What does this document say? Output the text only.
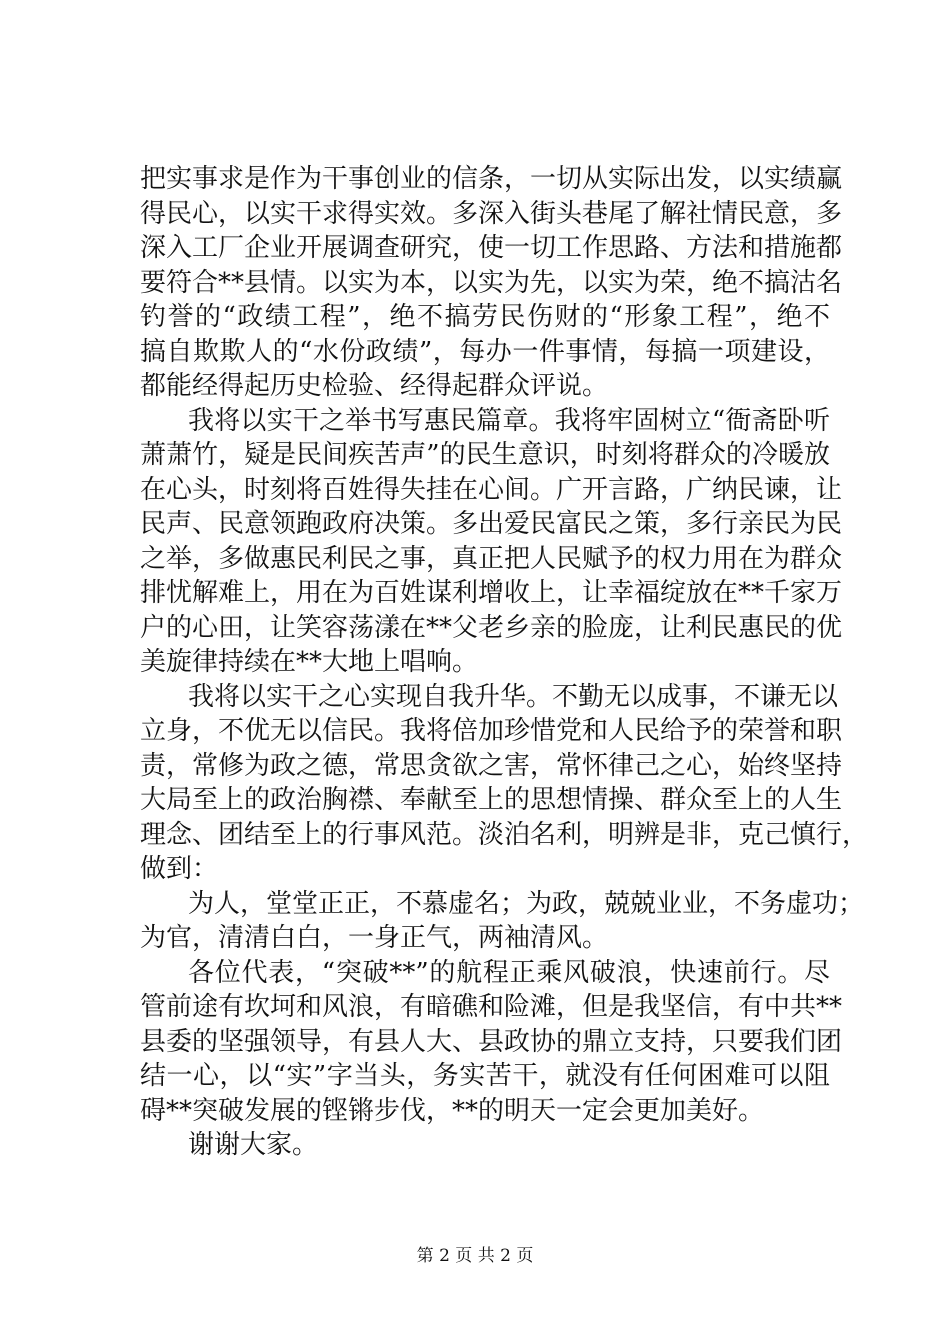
把实事求是作为干事创业的信条，一切从实际出发，以实绩赢
得民心，以实干求得实效。多深入街头巷尾了解社情民意，多
深入工厂企业开展调查研究，使一切工作思路、方法和措施都
要符合**县情。以实为本，以实为先，以实为荣，绝不搞沽名
钓誉的“政绩工程”，绝不搞劳民伤财的“形象工程”，绝不
搞自欺欺人的“水份政绩”，每办一件事情，每搞一项建设，
都能经得起历史检验、经得起群众评说。
我将以实干之举书写惠民篇章。我将牢固树立“衙斋卧听
萧萧竹，疑是民间疾苦声”的民生意识，时刻将群众的冷暖放
在心头，时刻将百姓得失挂在心间。广开言路，广纳民谏，让
民声、民意领跑政府决策。多出爱民富民之策，多行亲民为民
之举，多做惠民利民之事，真正把人民赋予的权力用在为群众
排忧解难上，用在为百姓谋利增收上，让幸福绽放在**千家万
户的心田，让笑容荡漾在**父老乡亲的脸庞，让利民惠民的优
美旋律持续在**大地上唱响。
我将以实干之心实现自我升华。不勤无以成事，不谦无以
立身，不优无以信民。我将倍加珍惜党和人民给予的荣誉和职
责，常修为政之德，常思贪欲之害，常怀律己之心，始终坚持
大局至上的政治胸襟、奉献至上的思想情操、群众至上的人生
理念、团结至上的行事风范。淡泊名利，明辨是非，克己慎行，
做到：
为人，堂堂正正，不慕虚名；为政，兢兢业业，不务虚功；
为官，清清白白，一身正气，两袖清风。
各位代表，“突破**”的航程正乘风破浪，快速前行。尽
管前途有坎坷和风浪，有暗礁和险滩，但是我坚信，有中共**
县委的坚强领导，有县人大、县政协的鼎立支持，只要我们团
结一心，以“实”字当头，务实苦干，就没有任何困难可以阻
碍**突破发展的铿锵步伐，**的明天一定会更加美好。
谢谢大家。
第 2 页 共 2 页
